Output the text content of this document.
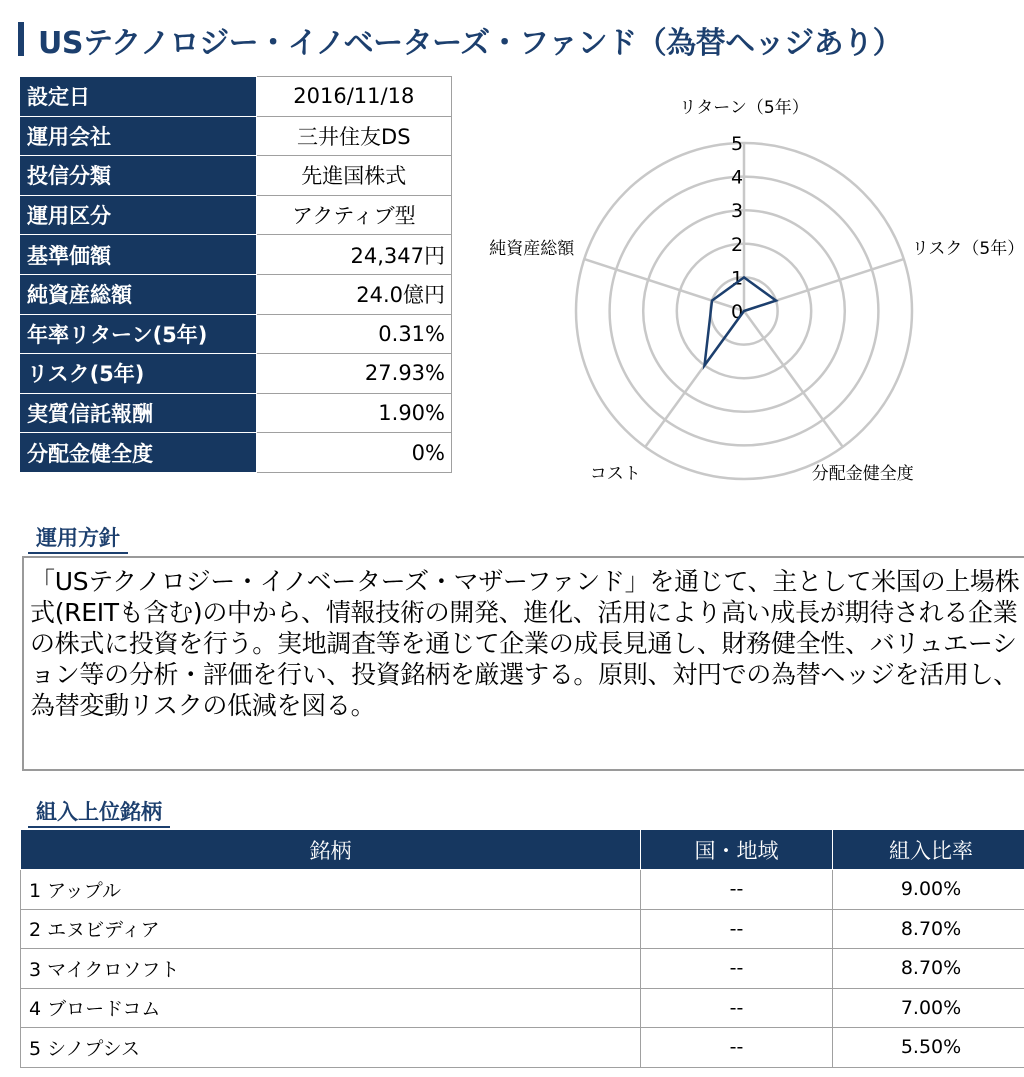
USテクノロジー・イノベーターズ・ファンド（為替ヘッジあり）
設定日	2016/11/18
運用会社	三井住友DS
投信分類	先進国株式
運用区分	アクティブ型
基準価額	24,347円
純資産総額	24.0億円
年率リターン(5年)	0.31%
リスク(5年)	27.93%
実質信託報酬	1.90%
分配金健全度	0%
0
1
2
3
4
5
リターン（5年）
リスク（5年）
分配金健全度
コスト
純資産総額
運用方針
「USテクノロジー・イノベーターズ・マザーファンド」を通じて、主として米国の上場株式(REITも含む)の中から、情報技術の開発、進化、活用により高い成長が期待される企業の株式に投資を行う。実地調査等を通じて企業の成長見通し、財務健全性、バリュエーション等の分析・評価を行い、投資銘柄を厳選する。原則、対円での為替ヘッジを活用し、為替変動リスクの低減を図る。
組入上位銘柄
銘柄	国・地域	組入比率
1 アップル	--	9.00%
2 エヌビディア	--	8.70%
3 マイクロソフト	--	8.70%
4 ブロードコム	--	7.00%
5 シノプシス	--	5.50%
